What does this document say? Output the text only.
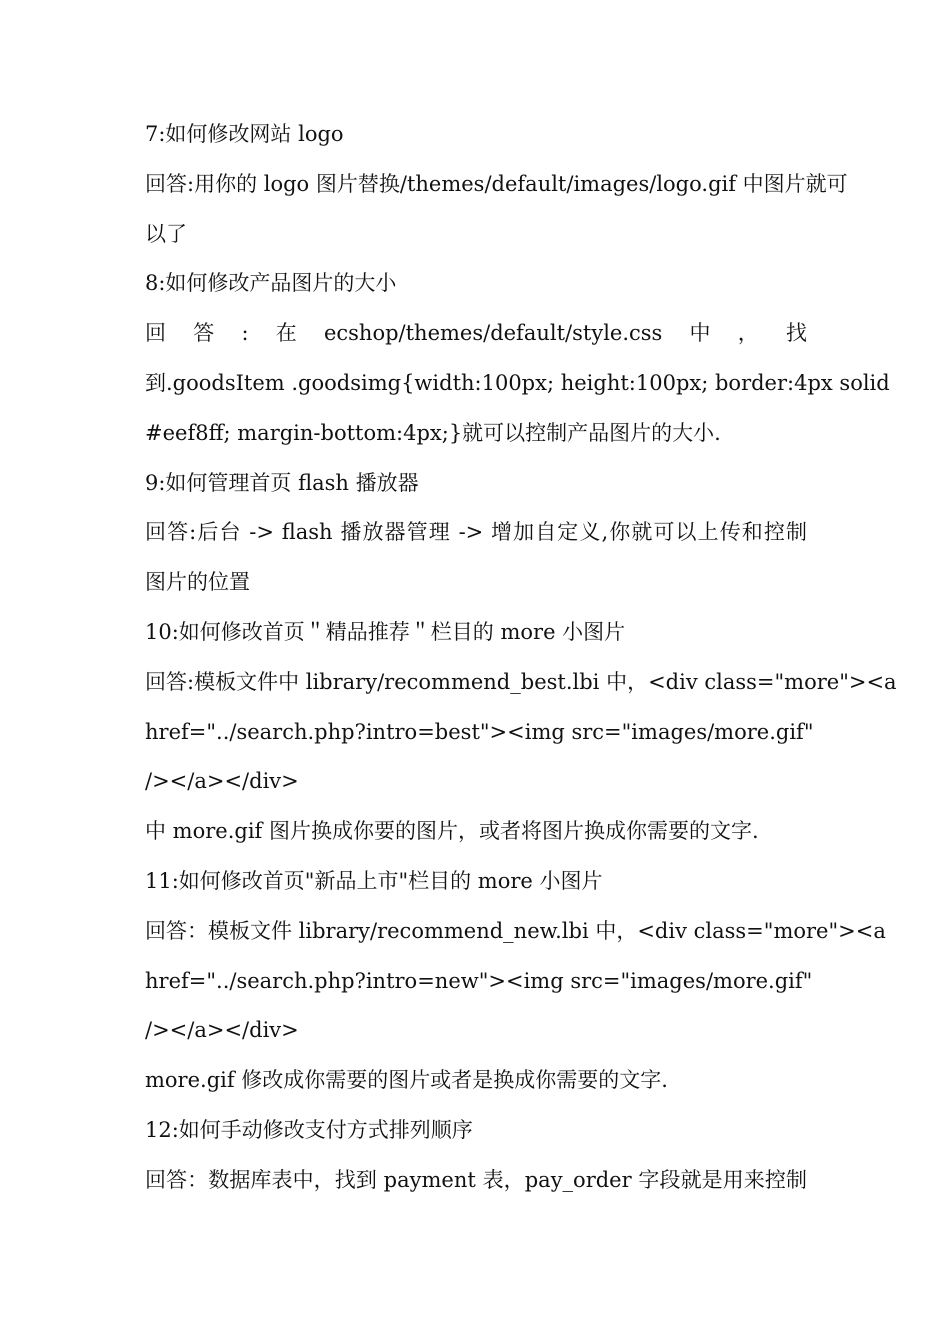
7:如何修改网站 logo
回答:用你的 logo 图片替换/themes/default/images/logo.gif 中图片就可
以了
8:如何修改产品图片的大小
回 答 : 在 ecshop/themes/default/style.css 中 ， 找
到.goodsItem .goodsimg{width:100px; height:100px; border:4px solid
#eef8ff; margin-bottom:4px;}就可以控制产品图片的大小.
9:如何管理首页 flash 播放器
回答:后台 -> flash 播放器管理 -> 增加自定义,你就可以上传和控制
图片的位置
10:如何修改首页＂精品推荐＂栏目的 more 小图片
回答:模板文件中 library/recommend_best.lbi 中，<div class="more"><a
href="../search.php?intro=best"><img src="images/more.gif"
/></a></div>
中 more.gif 图片换成你要的图片，或者将图片换成你需要的文字.
11:如何修改首页"新品上市"栏目的 more 小图片
回答：模板文件 library/recommend_new.lbi 中，<div class="more"><a
href="../search.php?intro=new"><img src="images/more.gif"
/></a></div>
more.gif 修改成你需要的图片或者是换成你需要的文字.
12:如何手动修改支付方式排列顺序
回答：数据库表中，找到 payment 表，pay_order 字段就是用来控制
